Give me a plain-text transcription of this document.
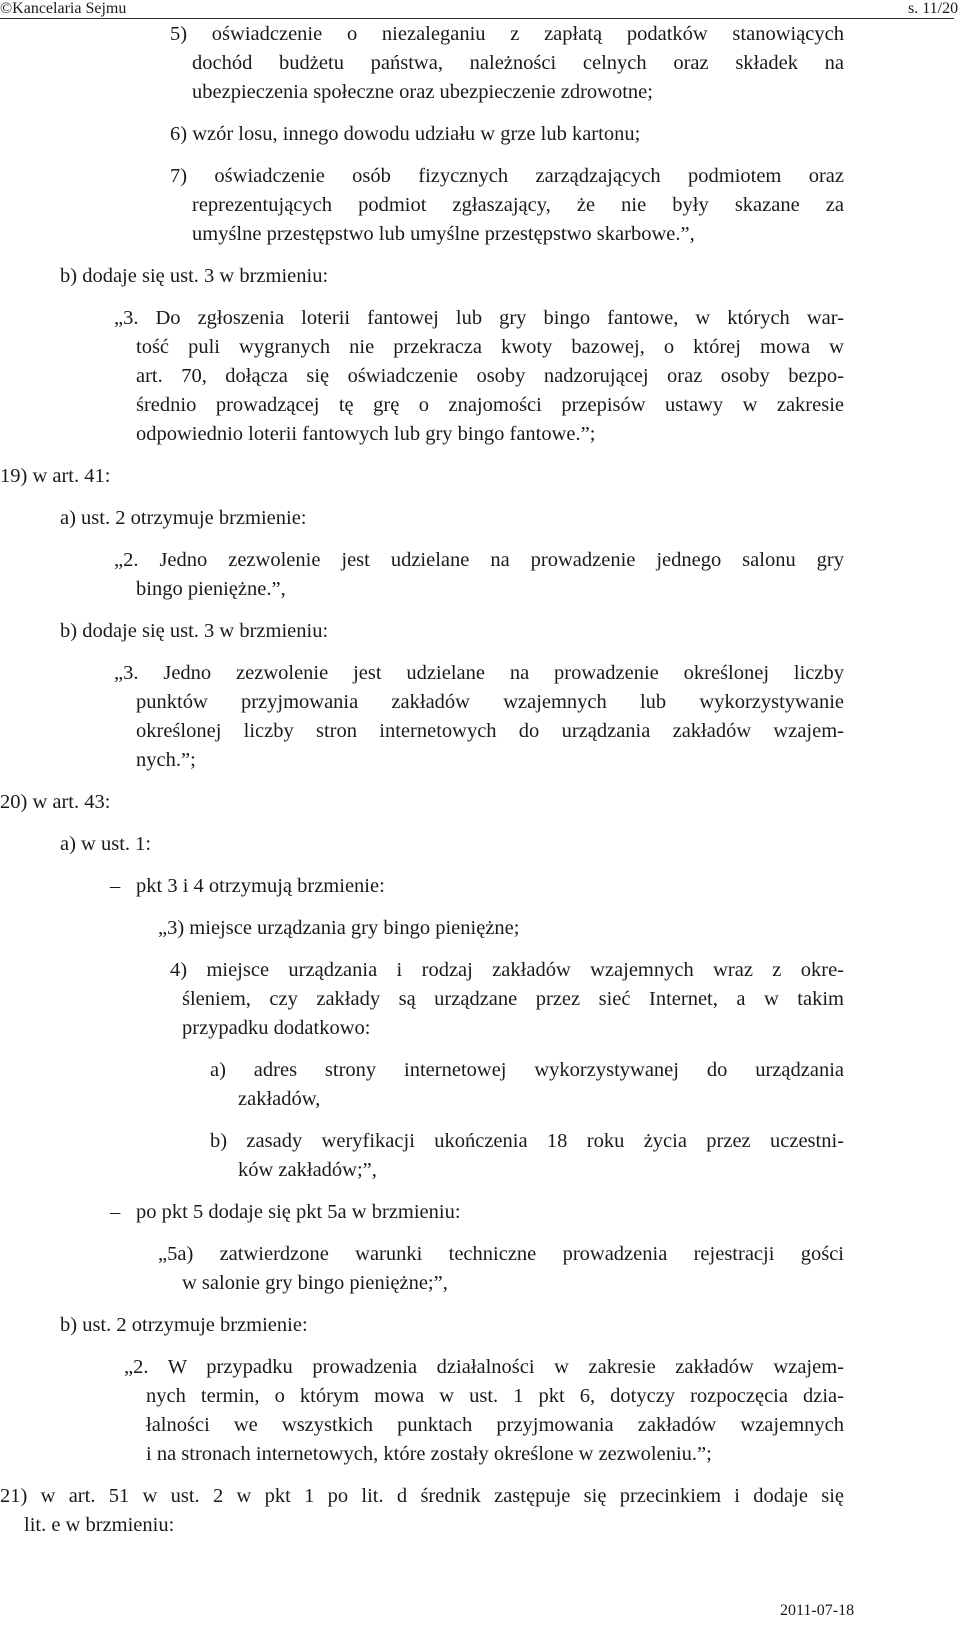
©Kancelaria Sejmu	s. 11/20
5) oświadczenie o niezaleganiu z zapłatą podatków stanowiących
dochód budżetu państwa, należności celnych oraz składek na
ubezpieczenia społeczne oraz ubezpieczenie zdrowotne;
6) wzór losu, innego dowodu udziału w grze lub kartonu;
7) oświadczenie osób fizycznych zarządzających podmiotem oraz
reprezentujących podmiot zgłaszający, że nie były skazane za
umyślne przestępstwo lub umyślne przestępstwo skarbowe.”,
b) dodaje się ust. 3 w brzmieniu:
„3. Do zgłoszenia loterii fantowej lub gry bingo fantowe, w których war-
tość puli wygranych nie przekracza kwoty bazowej, o której mowa w
art. 70, dołącza się oświadczenie osoby nadzorującej oraz osoby bezpo-
średnio prowadzącej tę grę o znajomości przepisów ustawy w zakresie
odpowiednio loterii fantowych lub gry bingo fantowe.”;
19) w art. 41:
a) ust. 2 otrzymuje brzmienie:
„2. Jedno zezwolenie jest udzielane na prowadzenie jednego salonu gry
bingo pieniężne.”,
b) dodaje się ust. 3 w brzmieniu:
„3. Jedno zezwolenie jest udzielane na prowadzenie określonej liczby
punktów przyjmowania zakładów wzajemnych lub wykorzystywanie
określonej liczby stron internetowych do urządzania zakładów wzajem-
nych.”;
20) w art. 43:
a) w ust. 1:
– pkt 3 i 4 otrzymują brzmienie:
„3) miejsce urządzania gry bingo pieniężne;
4) miejsce urządzania i rodzaj zakładów wzajemnych wraz z okre-
śleniem, czy zakłady są urządzane przez sieć Internet, a w takim
przypadku dodatkowo:
a) adres strony internetowej wykorzystywanej do urządzania
zakładów,
b) zasady weryfikacji ukończenia 18 roku życia przez uczestni-
ków zakładów;”,
– po pkt 5 dodaje się pkt 5a w brzmieniu:
„5a) zatwierdzone warunki techniczne prowadzenia rejestracji gości
w salonie gry bingo pieniężne;”,
b) ust. 2 otrzymuje brzmienie:
„2. W przypadku prowadzenia działalności w zakresie zakładów wzajem-
nych termin, o którym mowa w ust. 1 pkt 6, dotyczy rozpoczęcia dzia-
łalności we wszystkich punktach przyjmowania zakładów wzajemnych
i na stronach internetowych, które zostały określone w zezwoleniu.”;
21) w art. 51 w ust. 2 w pkt 1 po lit. d średnik zastępuje się przecinkiem i dodaje się
lit. e w brzmieniu:
2011-07-18
